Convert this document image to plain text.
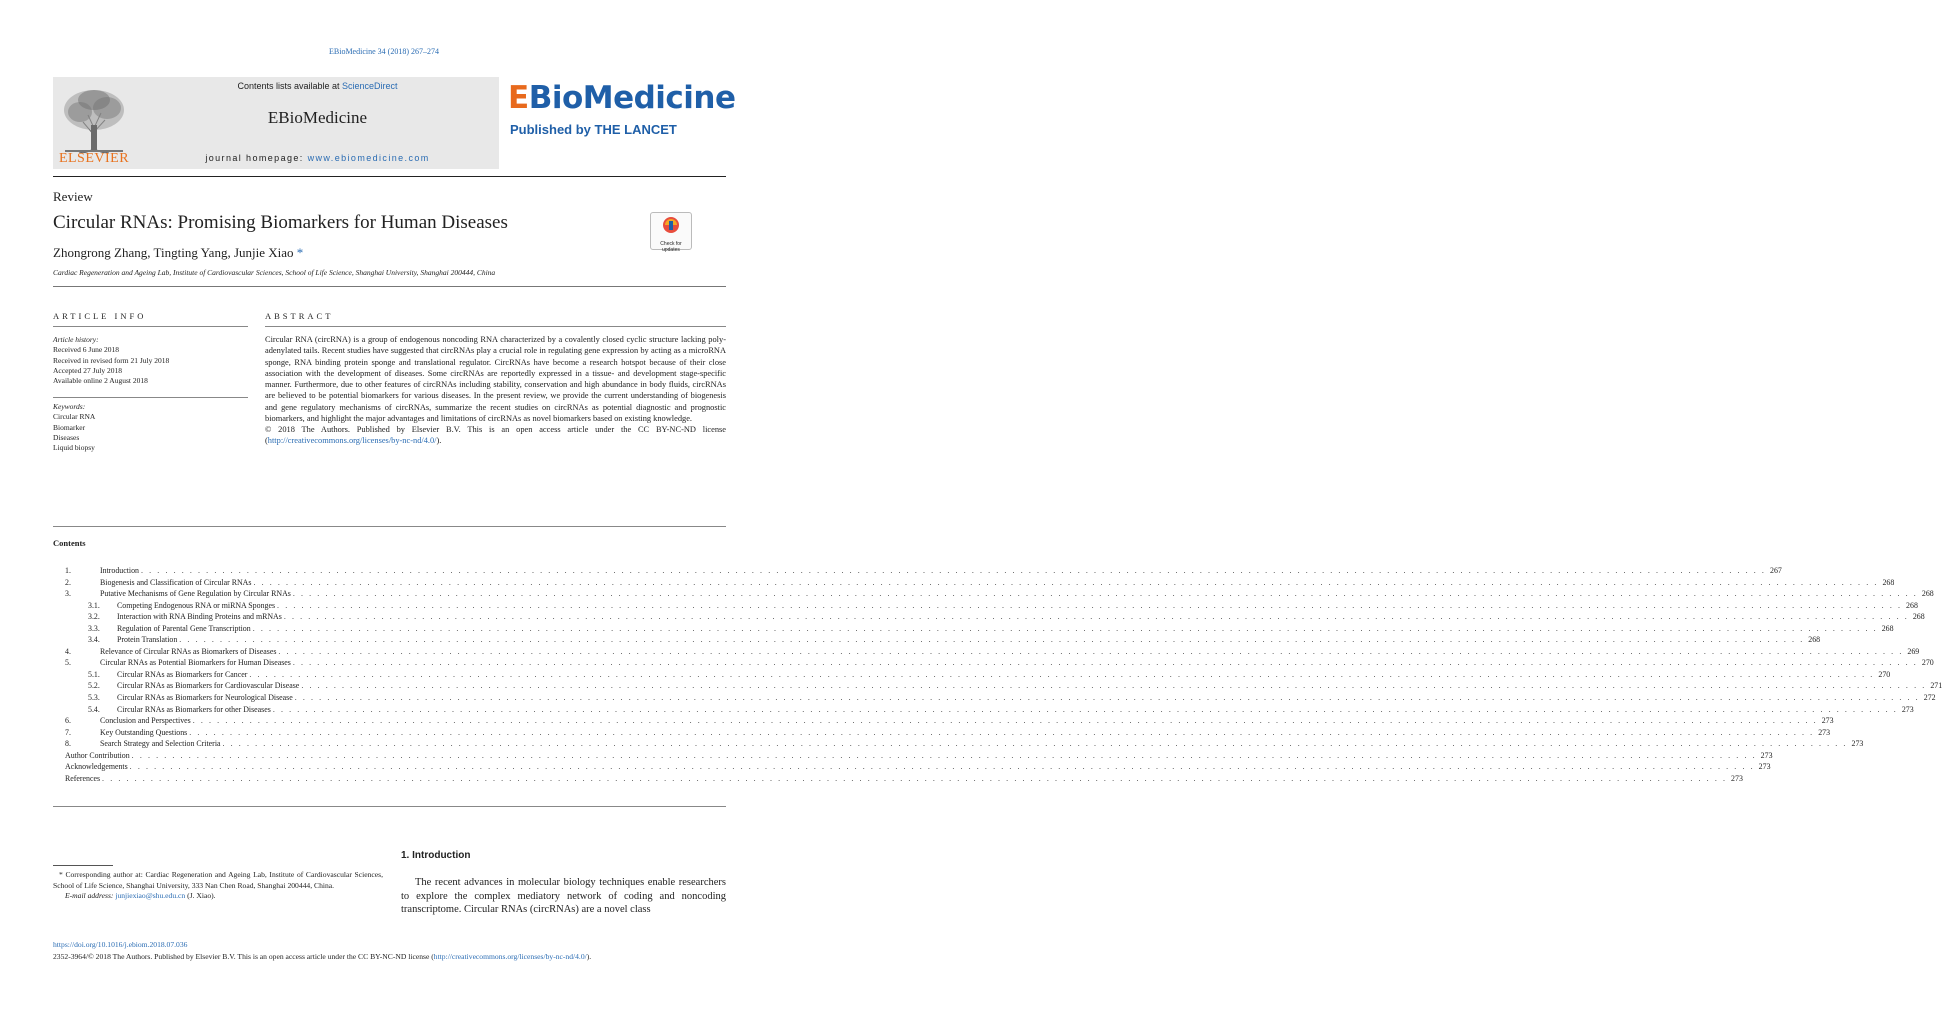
EBioMedicine 34 (2018) 267–274
ELSEVIER
Contents lists available at ScienceDirect
EBioMedicine
journal homepage: www.ebiomedicine.com
EBioMedicine
Published by THE LANCET
Review
Circular RNAs: Promising Biomarkers for Human Diseases
Check for updates
Zhongrong Zhang, Tingting Yang, Junjie Xiao *
Cardiac Regeneration and Ageing Lab, Institute of Cardiovascular Sciences, School of Life Science, Shanghai University, Shanghai 200444, China
ARTICLE INFO	ABSTRACT
Article history:
Received 6 June 2018
Received in revised form 21 July 2018
Accepted 27 July 2018
Available online 2 August 2018
Keywords:
Circular RNA
Biomarker
Diseases
Liquid biopsy
Circular RNA (circRNA) is a group of endogenous noncoding RNA characterized by a covalently closed cyclic structure lacking poly-adenylated tails. Recent studies have suggested that circRNAs play a crucial role in regulating gene expression by acting as a microRNA sponge, RNA binding protein sponge and translational regulator. CircRNAs have become a research hotspot because of their close association with the development of diseases. Some circRNAs are reportedly expressed in a tissue- and development stage-specific manner. Furthermore, due to other features of circRNAs including stability, conservation and high abundance in body fluids, circRNAs are believed to be potential biomarkers for various diseases. In the present review, we provide the current understanding of biogenesis and gene regulatory mechanisms of circRNAs, summarize the recent studies on circRNAs as potential diagnostic and prognostic biomarkers, and highlight the major advantages and limitations of circRNAs as novel biomarkers based on existing knowledge.

© 2018 The Authors. Published by Elsevier B.V. This is an open access article under the CC BY-NC-ND license (http://creativecommons.org/licenses/by-nc-nd/4.0/).
Contents
1.	Introduction . . . . . . . . . . . . . . . . . . . . . . . . . . . . . . . . . . . . . . . . . . . . . . . . . . . . . . . . . . . . . . . . . . . . . . . . . . . . . . . . . . . . . . . . . . . . . . . . . . . . . . . . . . . . . . . . . . . . . . . . . . . . . . . . . . . . . . . . . . . . . . . . . . . . . . . . . . . . . . . . . . . . . . . . . . . . . . . . . . . . . . . . . . . . . . . . . . . . . . . . 267
2.	Biogenesis and Classification of Circular RNAs . . . . . . . . . . . . . . . . . . . . . . . . . . . . . . . . . . . . . . . . . . . . . . . . . . . . . . . . . . . . . . . . . . . . . . . . . . . . . . . . . . . . . . . . . . . . . . . . . . . . . . . . . . . . . . . . . . . . . . . . . . . . . . . . . . . . . . . . . . . . . . . . . . . . . . . . . . . . . . . . . . . . . . . . . . . . . . . . . . . . . . . . . . . . . . . . . . . . . . . . 268
3.	Putative Mechanisms of Gene Regulation by Circular RNAs . . . . . . . . . . . . . . . . . . . . . . . . . . . . . . . . . . . . . . . . . . . . . . . . . . . . . . . . . . . . . . . . . . . . . . . . . . . . . . . . . . . . . . . . . . . . . . . . . . . . . . . . . . . . . . . . . . . . . . . . . . . . . . . . . . . . . . . . . . . . . . . . . . . . . . . . . . . . . . . . . . . . . . . . . . . . . . . . . . . . . . . . . . . . . . . . . . . . . . . . 268
3.1.	Competing Endogenous RNA or miRNA Sponges . . . . . . . . . . . . . . . . . . . . . . . . . . . . . . . . . . . . . . . . . . . . . . . . . . . . . . . . . . . . . . . . . . . . . . . . . . . . . . . . . . . . . . . . . . . . . . . . . . . . . . . . . . . . . . . . . . . . . . . . . . . . . . . . . . . . . . . . . . . . . . . . . . . . . . . . . . . . . . . . . . . . . . . . . . . . . . . . . . . . . . . . . . . . . . . . . . . . . . . . 268
3.2.	Interaction with RNA Binding Proteins and mRNAs . . . . . . . . . . . . . . . . . . . . . . . . . . . . . . . . . . . . . . . . . . . . . . . . . . . . . . . . . . . . . . . . . . . . . . . . . . . . . . . . . . . . . . . . . . . . . . . . . . . . . . . . . . . . . . . . . . . . . . . . . . . . . . . . . . . . . . . . . . . . . . . . . . . . . . . . . . . . . . . . . . . . . . . . . . . . . . . . . . . . . . . . . . . . . . . . . . . . . . . . 268
3.3.	Regulation of Parental Gene Transcription . . . . . . . . . . . . . . . . . . . . . . . . . . . . . . . . . . . . . . . . . . . . . . . . . . . . . . . . . . . . . . . . . . . . . . . . . . . . . . . . . . . . . . . . . . . . . . . . . . . . . . . . . . . . . . . . . . . . . . . . . . . . . . . . . . . . . . . . . . . . . . . . . . . . . . . . . . . . . . . . . . . . . . . . . . . . . . . . . . . . . . . . . . . . . . . . . . . . . . . . 268
3.4.	Protein Translation . . . . . . . . . . . . . . . . . . . . . . . . . . . . . . . . . . . . . . . . . . . . . . . . . . . . . . . . . . . . . . . . . . . . . . . . . . . . . . . . . . . . . . . . . . . . . . . . . . . . . . . . . . . . . . . . . . . . . . . . . . . . . . . . . . . . . . . . . . . . . . . . . . . . . . . . . . . . . . . . . . . . . . . . . . . . . . . . . . . . . . . . . . . . . . . . . . . . . . . . 268
4.	Relevance of Circular RNAs as Biomarkers of Diseases . . . . . . . . . . . . . . . . . . . . . . . . . . . . . . . . . . . . . . . . . . . . . . . . . . . . . . . . . . . . . . . . . . . . . . . . . . . . . . . . . . . . . . . . . . . . . . . . . . . . . . . . . . . . . . . . . . . . . . . . . . . . . . . . . . . . . . . . . . . . . . . . . . . . . . . . . . . . . . . . . . . . . . . . . . . . . . . . . . . . . . . . . . . . . . . . . . . . . . . . 269
5.	Circular RNAs as Potential Biomarkers for Human Diseases . . . . . . . . . . . . . . . . . . . . . . . . . . . . . . . . . . . . . . . . . . . . . . . . . . . . . . . . . . . . . . . . . . . . . . . . . . . . . . . . . . . . . . . . . . . . . . . . . . . . . . . . . . . . . . . . . . . . . . . . . . . . . . . . . . . . . . . . . . . . . . . . . . . . . . . . . . . . . . . . . . . . . . . . . . . . . . . . . . . . . . . . . . . . . . . . . . . . . . . . 270
5.1.	Circular RNAs as Biomarkers for Cancer . . . . . . . . . . . . . . . . . . . . . . . . . . . . . . . . . . . . . . . . . . . . . . . . . . . . . . . . . . . . . . . . . . . . . . . . . . . . . . . . . . . . . . . . . . . . . . . . . . . . . . . . . . . . . . . . . . . . . . . . . . . . . . . . . . . . . . . . . . . . . . . . . . . . . . . . . . . . . . . . . . . . . . . . . . . . . . . . . . . . . . . . . . . . . . . . . . . . . . . . 270
5.2.	Circular RNAs as Biomarkers for Cardiovascular Disease . . . . . . . . . . . . . . . . . . . . . . . . . . . . . . . . . . . . . . . . . . . . . . . . . . . . . . . . . . . . . . . . . . . . . . . . . . . . . . . . . . . . . . . . . . . . . . . . . . . . . . . . . . . . . . . . . . . . . . . . . . . . . . . . . . . . . . . . . . . . . . . . . . . . . . . . . . . . . . . . . . . . . . . . . . . . . . . . . . . . . . . . . . . . . . . . . . . . . . . . 271
5.3.	Circular RNAs as Biomarkers for Neurological Disease . . . . . . . . . . . . . . . . . . . . . . . . . . . . . . . . . . . . . . . . . . . . . . . . . . . . . . . . . . . . . . . . . . . . . . . . . . . . . . . . . . . . . . . . . . . . . . . . . . . . . . . . . . . . . . . . . . . . . . . . . . . . . . . . . . . . . . . . . . . . . . . . . . . . . . . . . . . . . . . . . . . . . . . . . . . . . . . . . . . . . . . . . . . . . . . . . . . . . . . . 272
5.4.	Circular RNAs as Biomarkers for other Diseases . . . . . . . . . . . . . . . . . . . . . . . . . . . . . . . . . . . . . . . . . . . . . . . . . . . . . . . . . . . . . . . . . . . . . . . . . . . . . . . . . . . . . . . . . . . . . . . . . . . . . . . . . . . . . . . . . . . . . . . . . . . . . . . . . . . . . . . . . . . . . . . . . . . . . . . . . . . . . . . . . . . . . . . . . . . . . . . . . . . . . . . . . . . . . . . . . . . . . . . . 273
6.	Conclusion and Perspectives . . . . . . . . . . . . . . . . . . . . . . . . . . . . . . . . . . . . . . . . . . . . . . . . . . . . . . . . . . . . . . . . . . . . . . . . . . . . . . . . . . . . . . . . . . . . . . . . . . . . . . . . . . . . . . . . . . . . . . . . . . . . . . . . . . . . . . . . . . . . . . . . . . . . . . . . . . . . . . . . . . . . . . . . . . . . . . . . . . . . . . . . . . . . . . . . . . . . . . . . 273
7.	Key Outstanding Questions . . . . . . . . . . . . . . . . . . . . . . . . . . . . . . . . . . . . . . . . . . . . . . . . . . . . . . . . . . . . . . . . . . . . . . . . . . . . . . . . . . . . . . . . . . . . . . . . . . . . . . . . . . . . . . . . . . . . . . . . . . . . . . . . . . . . . . . . . . . . . . . . . . . . . . . . . . . . . . . . . . . . . . . . . . . . . . . . . . . . . . . . . . . . . . . . . . . . . . . . 273
8.	Search Strategy and Selection Criteria . . . . . . . . . . . . . . . . . . . . . . . . . . . . . . . . . . . . . . . . . . . . . . . . . . . . . . . . . . . . . . . . . . . . . . . . . . . . . . . . . . . . . . . . . . . . . . . . . . . . . . . . . . . . . . . . . . . . . . . . . . . . . . . . . . . . . . . . . . . . . . . . . . . . . . . . . . . . . . . . . . . . . . . . . . . . . . . . . . . . . . . . . . . . . . . . . . . . . . . . 273
Author Contribution . . . . . . . . . . . . . . . . . . . . . . . . . . . . . . . . . . . . . . . . . . . . . . . . . . . . . . . . . . . . . . . . . . . . . . . . . . . . . . . . . . . . . . . . . . . . . . . . . . . . . . . . . . . . . . . . . . . . . . . . . . . . . . . . . . . . . . . . . . . . . . . . . . . . . . . . . . . . . . . . . . . . . . . . . . . . . . . . . . . . . . . . . . . . . . . . . . . . . . . . 273
Acknowledgements . . . . . . . . . . . . . . . . . . . . . . . . . . . . . . . . . . . . . . . . . . . . . . . . . . . . . . . . . . . . . . . . . . . . . . . . . . . . . . . . . . . . . . . . . . . . . . . . . . . . . . . . . . . . . . . . . . . . . . . . . . . . . . . . . . . . . . . . . . . . . . . . . . . . . . . . . . . . . . . . . . . . . . . . . . . . . . . . . . . . . . . . . . . . . . . . . . . . . . . . 273
References . . . . . . . . . . . . . . . . . . . . . . . . . . . . . . . . . . . . . . . . . . . . . . . . . . . . . . . . . . . . . . . . . . . . . . . . . . . . . . . . . . . . . . . . . . . . . . . . . . . . . . . . . . . . . . . . . . . . . . . . . . . . . . . . . . . . . . . . . . . . . . . . . . . . . . . . . . . . . . . . . . . . . . . . . . . . . . . . . . . . . . . . . . . . . . . . . . . . . . . . 273
* Corresponding author at: Cardiac Regeneration and Ageing Lab, Institute of Cardiovascular Sciences, School of Life Science, Shanghai University, 333 Nan Chen Road, Shanghai 200444, China.
E-mail address: junjiexiao@shu.edu.cn (J. Xiao).
1. Introduction
The recent advances in molecular biology techniques enable researchers to explore the complex mediatory network of coding and noncoding transcriptome. Circular RNAs (circRNAs) are a novel class
https://doi.org/10.1016/j.ebiom.2018.07.036
2352-3964/© 2018 The Authors. Published by Elsevier B.V. This is an open access article under the CC BY-NC-ND license (http://creativecommons.org/licenses/by-nc-nd/4.0/).
